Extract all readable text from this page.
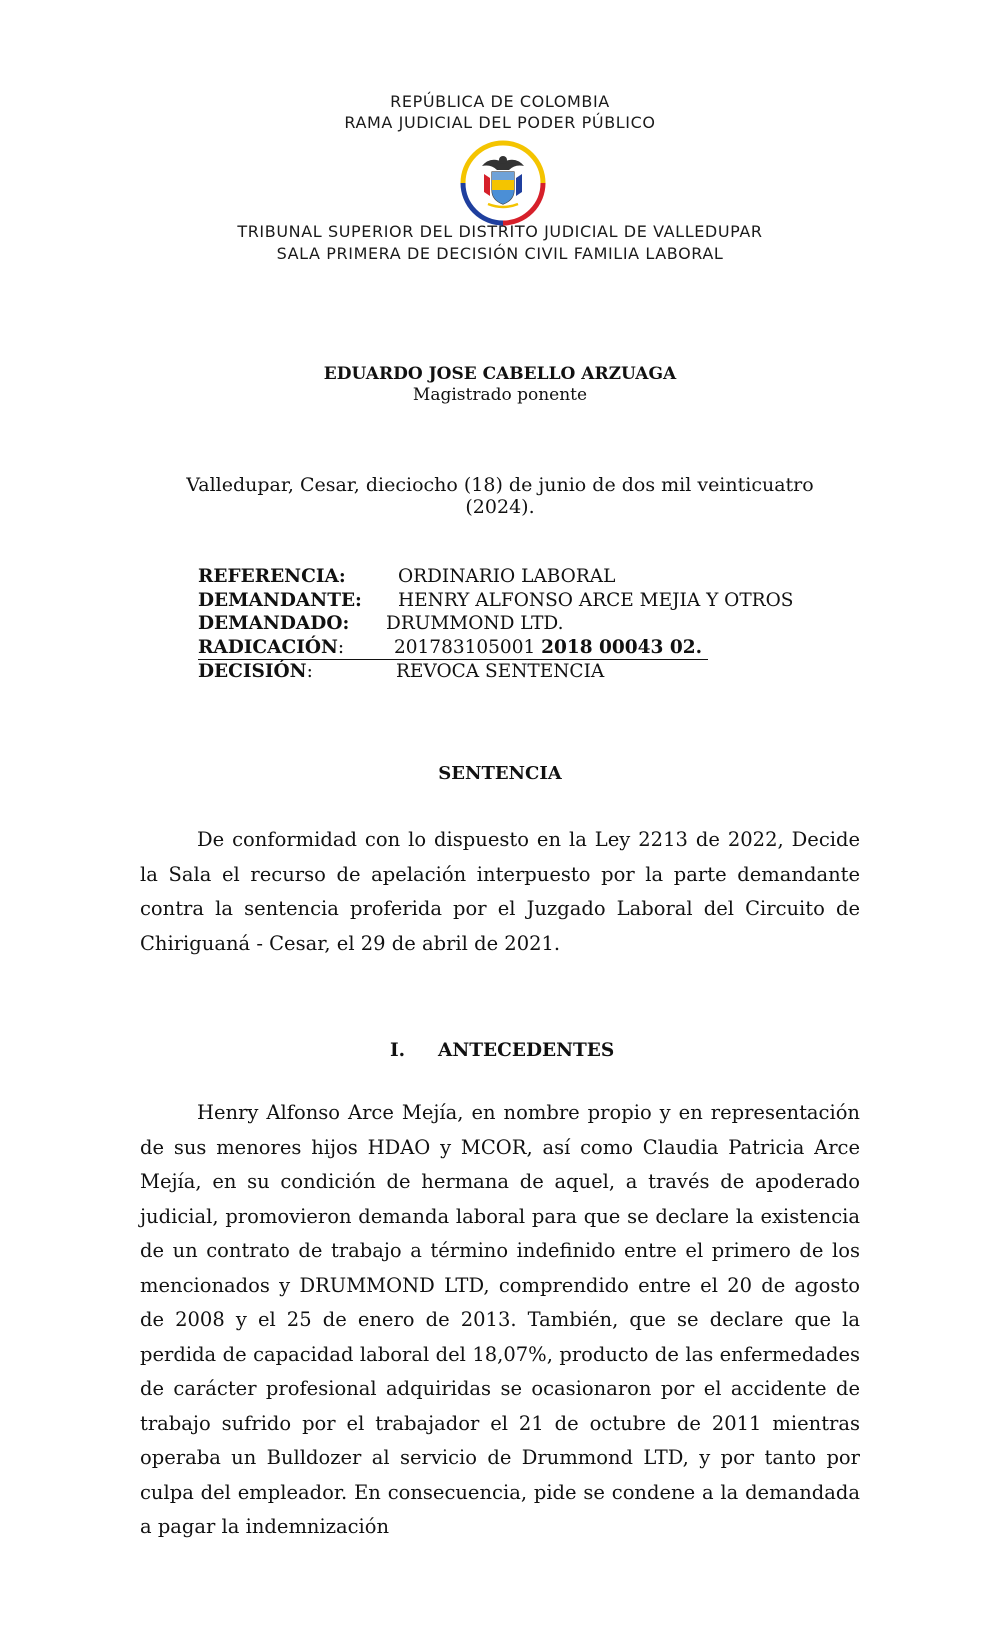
REPÚBLICA DE COLOMBIA
RAMA JUDICIAL DEL PODER PÚBLICO
TRIBUNAL SUPERIOR DEL DISTRITO JUDICIAL DE VALLEDUPAR
SALA PRIMERA DE DECISIÓN CIVIL FAMILIA LABORAL
EDUARDO JOSE CABELLO ARZUAGA
Magistrado ponente
Valledupar, Cesar, dieciocho (18) de junio de dos mil veinticuatro (2024).
REFERENCIA:	ORDINARIO LABORAL
DEMANDANTE: HENRY ALFONSO ARCE MEJIA Y OTROS
DEMANDADO: DRUMMOND LTD.
RADICACIÓN:	201783105001 2018 00043 02.
DECISIÓN:	REVOCA SENTENCIA
SENTENCIA
De conformidad con lo dispuesto en la Ley 2213 de 2022, Decide la Sala el recurso de apelación interpuesto por la parte demandante contra la sentencia proferida por el Juzgado Laboral del Circuito de Chiriguaná - Cesar, el 29 de abril de 2021.
I. ANTECEDENTES
Henry Alfonso Arce Mejía, en nombre propio y en representación de sus menores hijos HDAO y MCOR, así como Claudia Patricia Arce Mejía, en su condición de hermana de aquel, a través de apoderado judicial, promovieron demanda laboral para que se declare la existencia de un contrato de trabajo a término indefinido entre el primero de los mencionados y DRUMMOND LTD, comprendido entre el 20 de agosto de 2008 y el 25 de enero de 2013. También, que se declare que la perdida de capacidad laboral del 18,07%, producto de las enfermedades de carácter profesional adquiridas se ocasionaron por el accidente de trabajo sufrido por el trabajador el 21 de octubre de 2011 mientras operaba un Bulldozer al servicio de Drummond LTD, y por tanto por culpa del empleador. En consecuencia, pide se condene a la demandada a pagar la indemnización
